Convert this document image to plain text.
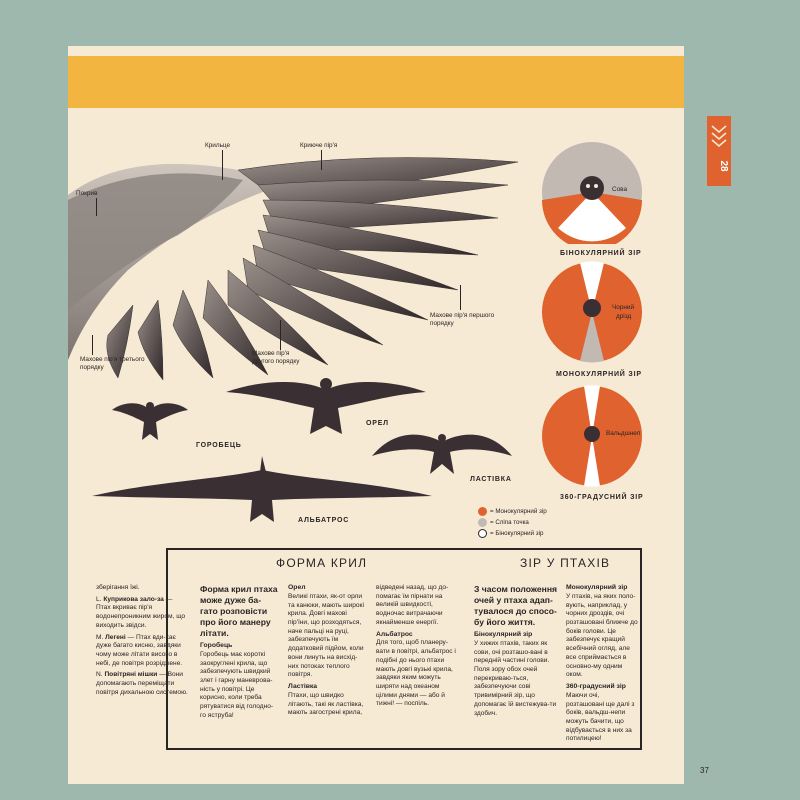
28
Крильце	Криюче пір'я
Покрив
Махове пір'я першого порядку
Махове пір'я другого порядку
Махове пір'я третього порядку
ГОРОБЕЦЬ
ОРЕЛ
ЛАСТІВКА
АЛЬБАТРОС
Сова
БІНОКУЛЯРНИЙ ЗІР
Чорний
дрізд
МОНОКУЛЯРНИЙ ЗІР
Вальдшнеп
360-ГРАДУСНИЙ ЗІР
= Монокулярний зір
= Сліпа точка
= Бінокулярний зір
ФОРМА КРИЛ	ЗІР У ПТАХІВ

зберігання їжі.

L. Куприкова зало-за — Птах вкриває пір'я водонепроникним жиром, що виходить звідси.

M. Легені — Птах вди-хає дуже багато кисню, завдяки чому може літати високо в небі, де повітря розріджене.

N. Повітряні мішки — Вони допомагають переміщати повітря дихальною системою.

Форма крил птаха може дуже ба-гато розповісти про його манеру літати.
Горобець
Горобець має короткі заокруглені крила, що забезпечують швидкий злет і гарну маневрова-ність у повітрі. Це корисно, коли треба рятуватися від голодно-го яструба!
Орел
Великі птахи, як-от орли та канюки, мають широкі крила. Довгі махові пір'їни, що розходяться, наче пальці на руці, забезпечують їм додатковий підйом, коли вони линуть на висхід-них потоках теплого повітря.
Ластівка
Птахи, що швидко літають, такі як ластівка, мають загострені крила,
відведені назад, що до-помагає їм пірнати на великій швидкості, водночас витрачаючи якнайменше енергії.
Альбатрос
Для того, щоб планеру-вати в повітрі, альбатрос і подібні до нього птахи мають довгі вузькі крила, завдяки яким можуть ширяти над океаном цілими днями — або й тижні! — поспіль.
З часом положення очей у птаха адап-тувалося до спосо-бу його життя.
Бінокулярний зір
У хижих птахів, таких як сови, очі розташо-вані в передній частині голови. Поля зору обох очей перекриваю-ться, забезпечуючи сові тривимірний зір, що допомагає їй вистежува-ти здобич.
Монокулярний зір
У птахів, на яких поло-вують, наприклад, у чорних дроздів, очі розташовані ближче до боків голови. Це забезпечує кращий всебічний огляд, але все сприймається в основно-му одним оком.
360-градусний зір
Маючи очі, розташовані ще далі з боків, вальдш-непи можуть бачити, що відбувається в них за потилицею!
37
